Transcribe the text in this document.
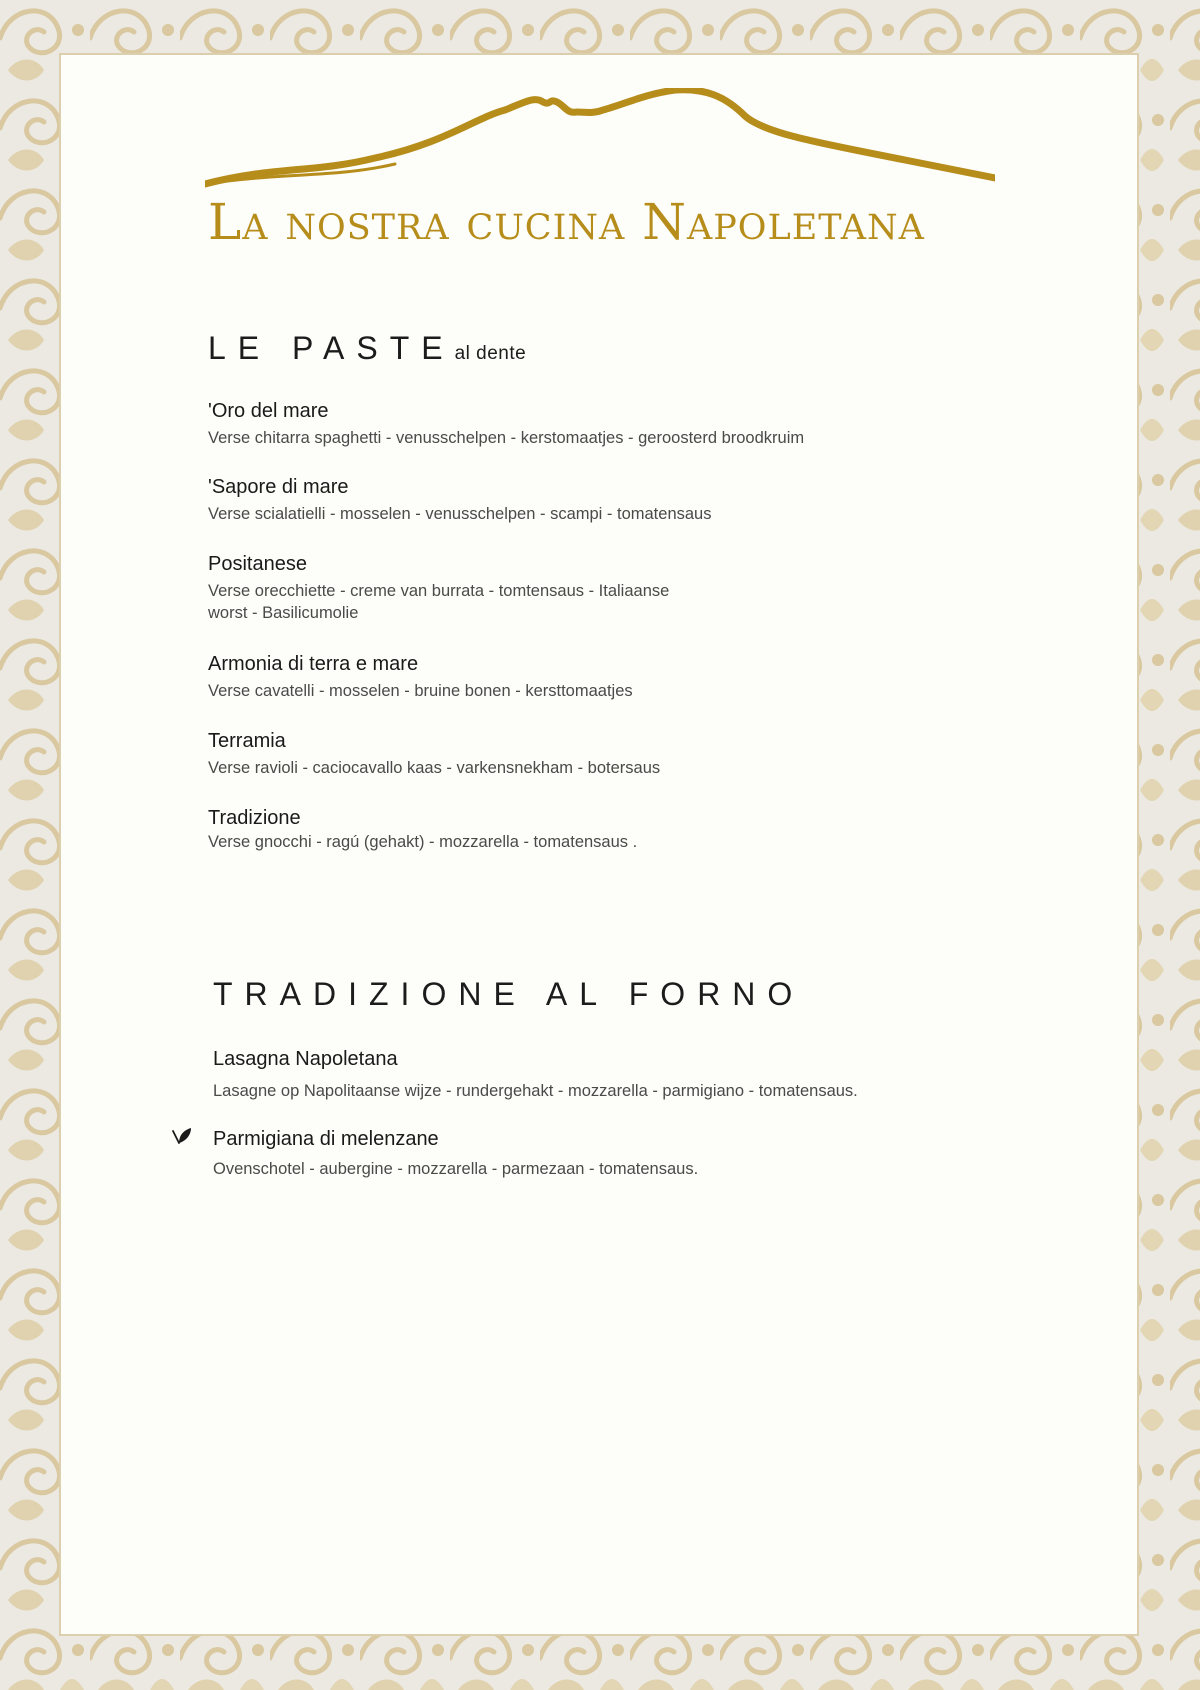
La nostra cucina Napoletana
LE PASTEal dente
'Oro del mare
Verse chitarra spaghetti - venusschelpen - kerstomaatjes - geroosterd broodkruim
'Sapore di mare
Verse scialatielli - mosselen - venusschelpen - scampi - tomatensaus
Positanese
Verse orecchiette - creme van burrata - tomtensaus - Italiaanse
worst - Basilicumolie
Armonia di terra e mare
Verse cavatelli - mosselen - bruine bonen - kersttomaatjes
Terramia
Verse ravioli - caciocavallo kaas - varkensnekham - botersaus
Tradizione
Verse gnocchi - ragú (gehakt) - mozzarella - tomatensaus .
TRADIZIONE AL FORNO
Lasagna Napoletana
Lasagne op Napolitaanse wijze - rundergehakt - mozzarella - parmigiano - tomatensaus.
Parmigiana di melenzane
Ovenschotel - aubergine - mozzarella - parmezaan - tomatensaus.
